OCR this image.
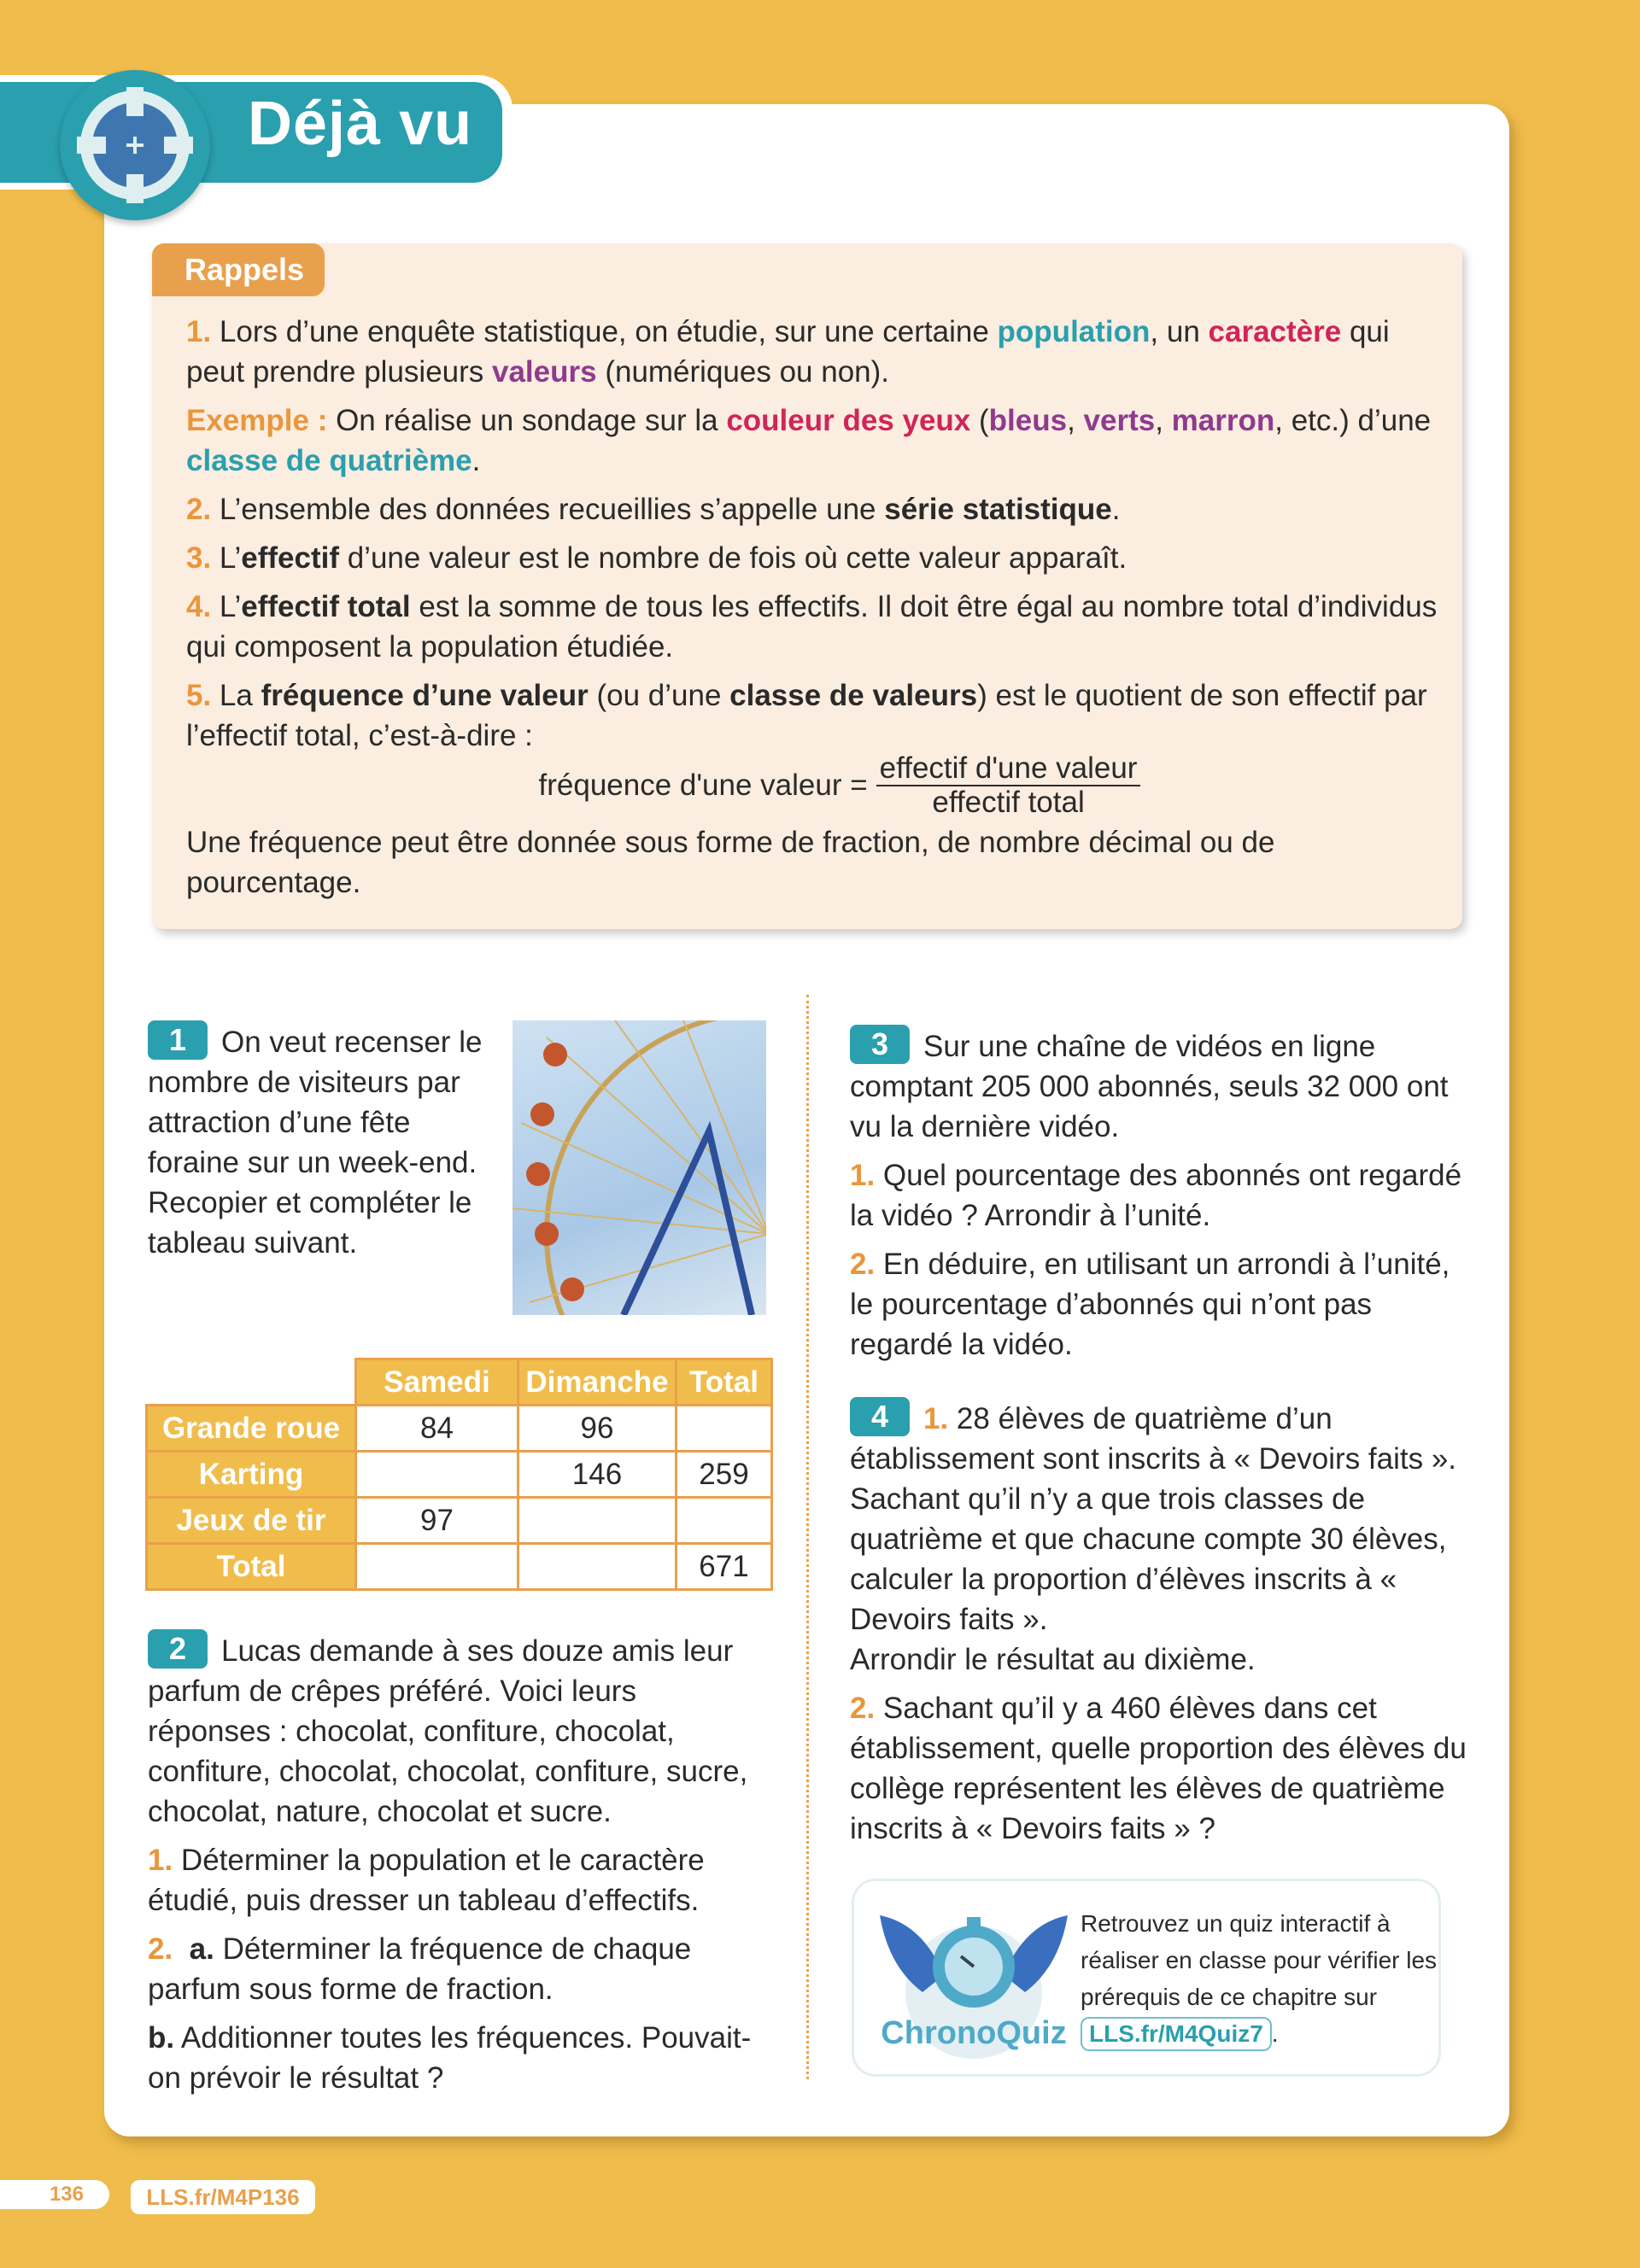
Déjà vu
Rappels

1. Lors d’une enquête statistique, on étudie, sur une certaine population, un caractère qui peut prendre plusieurs valeurs (numériques ou non).

Exemple : On réalise un sondage sur la couleur des yeux (bleus, verts, marron, etc.) d’une classe de quatrième.

2. L’ensemble des données recueillies s’appelle une série statistique.

3. L’effectif d’une valeur est le nombre de fois où cette valeur apparaît.

4. L’effectif total est la somme de tous les effectifs. Il doit être égal au nombre total d’individus qui composent la population étudiée.

5. La fréquence d’une valeur (ou d’une classe de valeurs) est le quotient de son effectif par l’effectif total, c’est-à-dire :

fréquence d'une valeur = $\frac{\text{effectif d'une valeur}}{\text{effectif total}}$

Une fréquence peut être donnée sous forme de fraction, de nombre décimal ou de pourcentage.

1 On veut recenser le nombre de visiteurs par attraction d’une fête foraine sur un week-end. Recopier et compléter le tableau suivant.

	Samedi	Dimanche	Total
Grande roue	84	96	
Karting		146	259
Jeux de tir	97		
Total			671

2 Lucas demande à ses douze amis leur parfum de crêpes préféré. Voici leurs réponses : chocolat, confiture, chocolat, confiture, chocolat, chocolat, confiture, sucre, chocolat, nature, chocolat et sucre.

1. Déterminer la population et le caractère étudié, puis dresser un tableau d’effectifs.

2. a. Déterminer la fréquence de chaque parfum sous forme de fraction.

b. Additionner toutes les fréquences. Pouvait-on prévoir le résultat ?

3 Sur une chaîne de vidéos en ligne comptant 205 000 abonnés, seuls 32 000 ont vu la dernière vidéo.

1. Quel pourcentage des abonnés ont regardé la vidéo ? Arrondir à l’unité.

2. En déduire, en utilisant un arrondi à l’unité, le pourcentage d’abonnés qui n’ont pas regardé la vidéo.

4 1. 28 élèves de quatrième d’un établissement sont inscrits à « Devoirs faits ». Sachant qu’il n’y a que trois classes de quatrième et que chacune compte 30 élèves, calculer la proportion d’élèves inscrits à « Devoirs faits ».

Arrondir le résultat au dixième.

2. Sachant qu’il y a 460 élèves dans cet établissement, quelle proportion des élèves du collège représentent les élèves de quatrième inscrits à « Devoirs faits » ?

ChronoQuiz
Retrouvez un quiz interactif à réaliser en classe pour vérifier les prérequis de ce chapitre sur LLS.fr/M4Quiz7 .
136	LLS.fr/M4P136
